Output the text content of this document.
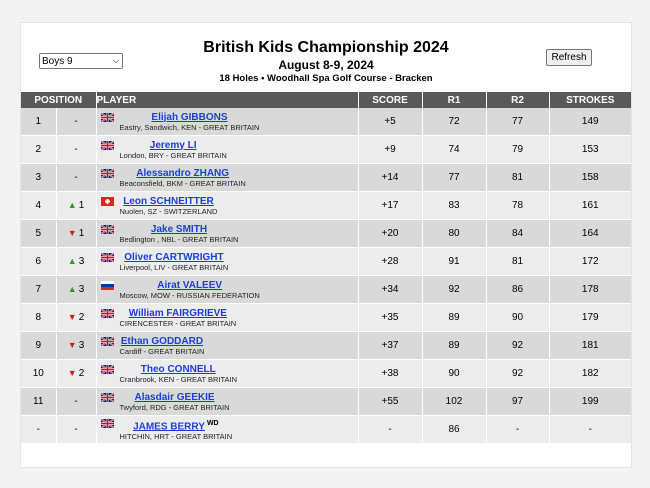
British Kids Championship 2024
August 8-9, 2024
18 Holes • Woodhall Spa Golf Course - Bracken
Boys 9	⌵	Refresh
POSITION		PLAYER	SCORE	R1	R2	STROKES
1	-	Elijah GIBBONS
Eastry, Sandwich, KEN - GREAT BRITAIN	+5	72	77	149
2	-	Jeremy LI
London, BRY - GREAT BRITAIN	+9	74	79	153
3	-	Alessandro ZHANG
Beaconsfield, BKM - GREAT BRITAIN	+14	77	81	158
4	▲ 1	Leon SCHNEITTER
Nuolen, SZ - SWITZERLAND	+17	83	78	161
5	▼ 1	Jake SMITH
Bedlington , NBL - GREAT BRITAIN	+20	80	84	164
6	▲ 3	Oliver CARTWRIGHT
Liverpool, LIV - GREAT BRITAIN	+28	91	81	172
7	▲ 3	Airat VALEEV
Moscow, MOW - RUSSIAN FEDERATION	+34	92	86	178
8	▼ 2	William FAIRGRIEVE
CIRENCESTER - GREAT BRITAIN	+35	89	90	179
9	▼ 3	Ethan GODDARD
Cardiff - GREAT BRITAIN	+37	89	92	181
10	▼ 2	Theo CONNELL
Cranbrook, KEN - GREAT BRITAIN	+38	90	92	182
11	-	Alasdair GEEKIE
Twyford, RDG - GREAT BRITAIN	+55	102	97	199
-	-	JAMES BERRY $^{WD}$
HITCHIN, HRT - GREAT BRITAIN	-	86	-	-
